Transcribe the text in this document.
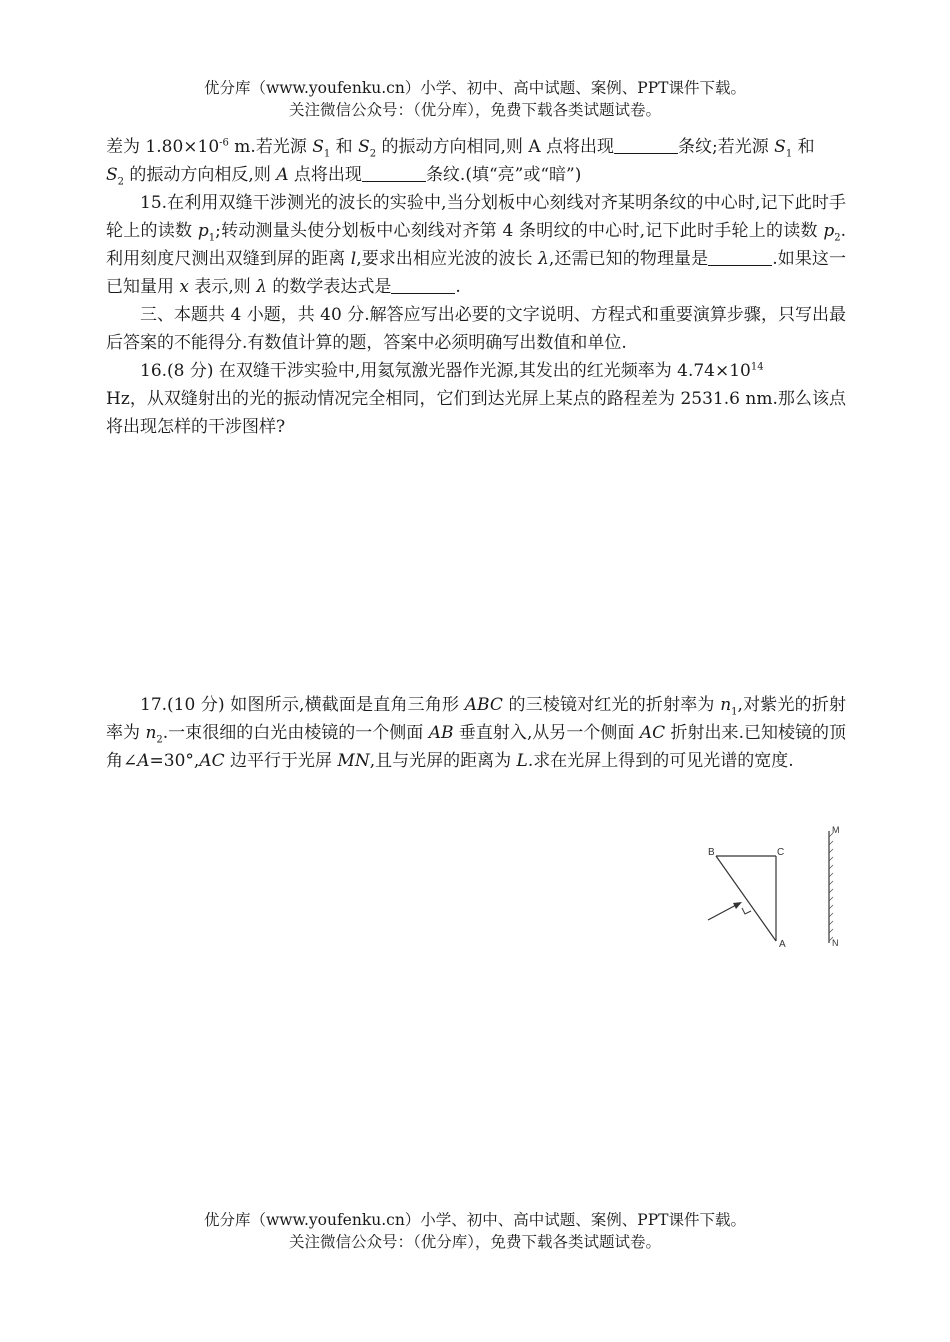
优分库（www.youfenku.cn）小学、初中、高中试题、案例、PPT课件下载。
关注微信公众号：（优分库），免费下载各类试题试卷。

差为 $1.80\times 10^{-6}$ m.若光源 $S_1$ 和 $S_2$ 的振动方向相同,则 A 点将出现	条纹;若光源 $S_1$ 和
$S_2$ 的振动方向相反,则 A 点将出现	条纹.(填“亮”或“暗”)

15.在利用双缝干涉测光的波长的实验中,当分划板中心刻线对齐某明条纹的中心时,记下此时手轮上的读数 $p_1$;转动测量头使分划板中心刻线对齐第 4 条明纹的中心时,记下此时手轮上的读数 $p_2$.利用刻度尺测出双缝到屏的距离 l,要求出相应光波的波长 λ,还需已知的物理量是	.如果这一已知量用 x 表示,则 λ 的数学表达式是	.

三、本题共 4 小题，共 40 分.解答应写出必要的文字说明、方程式和重要演算步骤，只写出最后答案的不能得分.有数值计算的题，答案中必须明确写出数值和单位.

16.(8 分) 在双缝干涉实验中,用氦氖激光器作光源,其发出的红光频率为 $4.74\times 10^{14}$
Hz，从双缝射出的光的振动情况完全相同，它们到达光屏上某点的路程差为 2531.6 nm.那么该点将出现怎样的干涉图样?

17.(10 分) 如图所示,横截面是直角三角形 ABC 的三棱镜对红光的折射率为 $n_1$,对紫光的折射率为 $n_2$.一束很细的白光由棱镜的一个侧面 AB 垂直射入,从另一个侧面 AC 折射出来.已知棱镜的顶角∠A=30°,AC 边平行于光屏 MN,且与光屏的距离为 L.求在光屏上得到的可见光谱的宽度.

B	C
A
M
N
优分库（www.youfenku.cn）小学、初中、高中试题、案例、PPT课件下载。
关注微信公众号：（优分库），免费下载各类试题试卷。
